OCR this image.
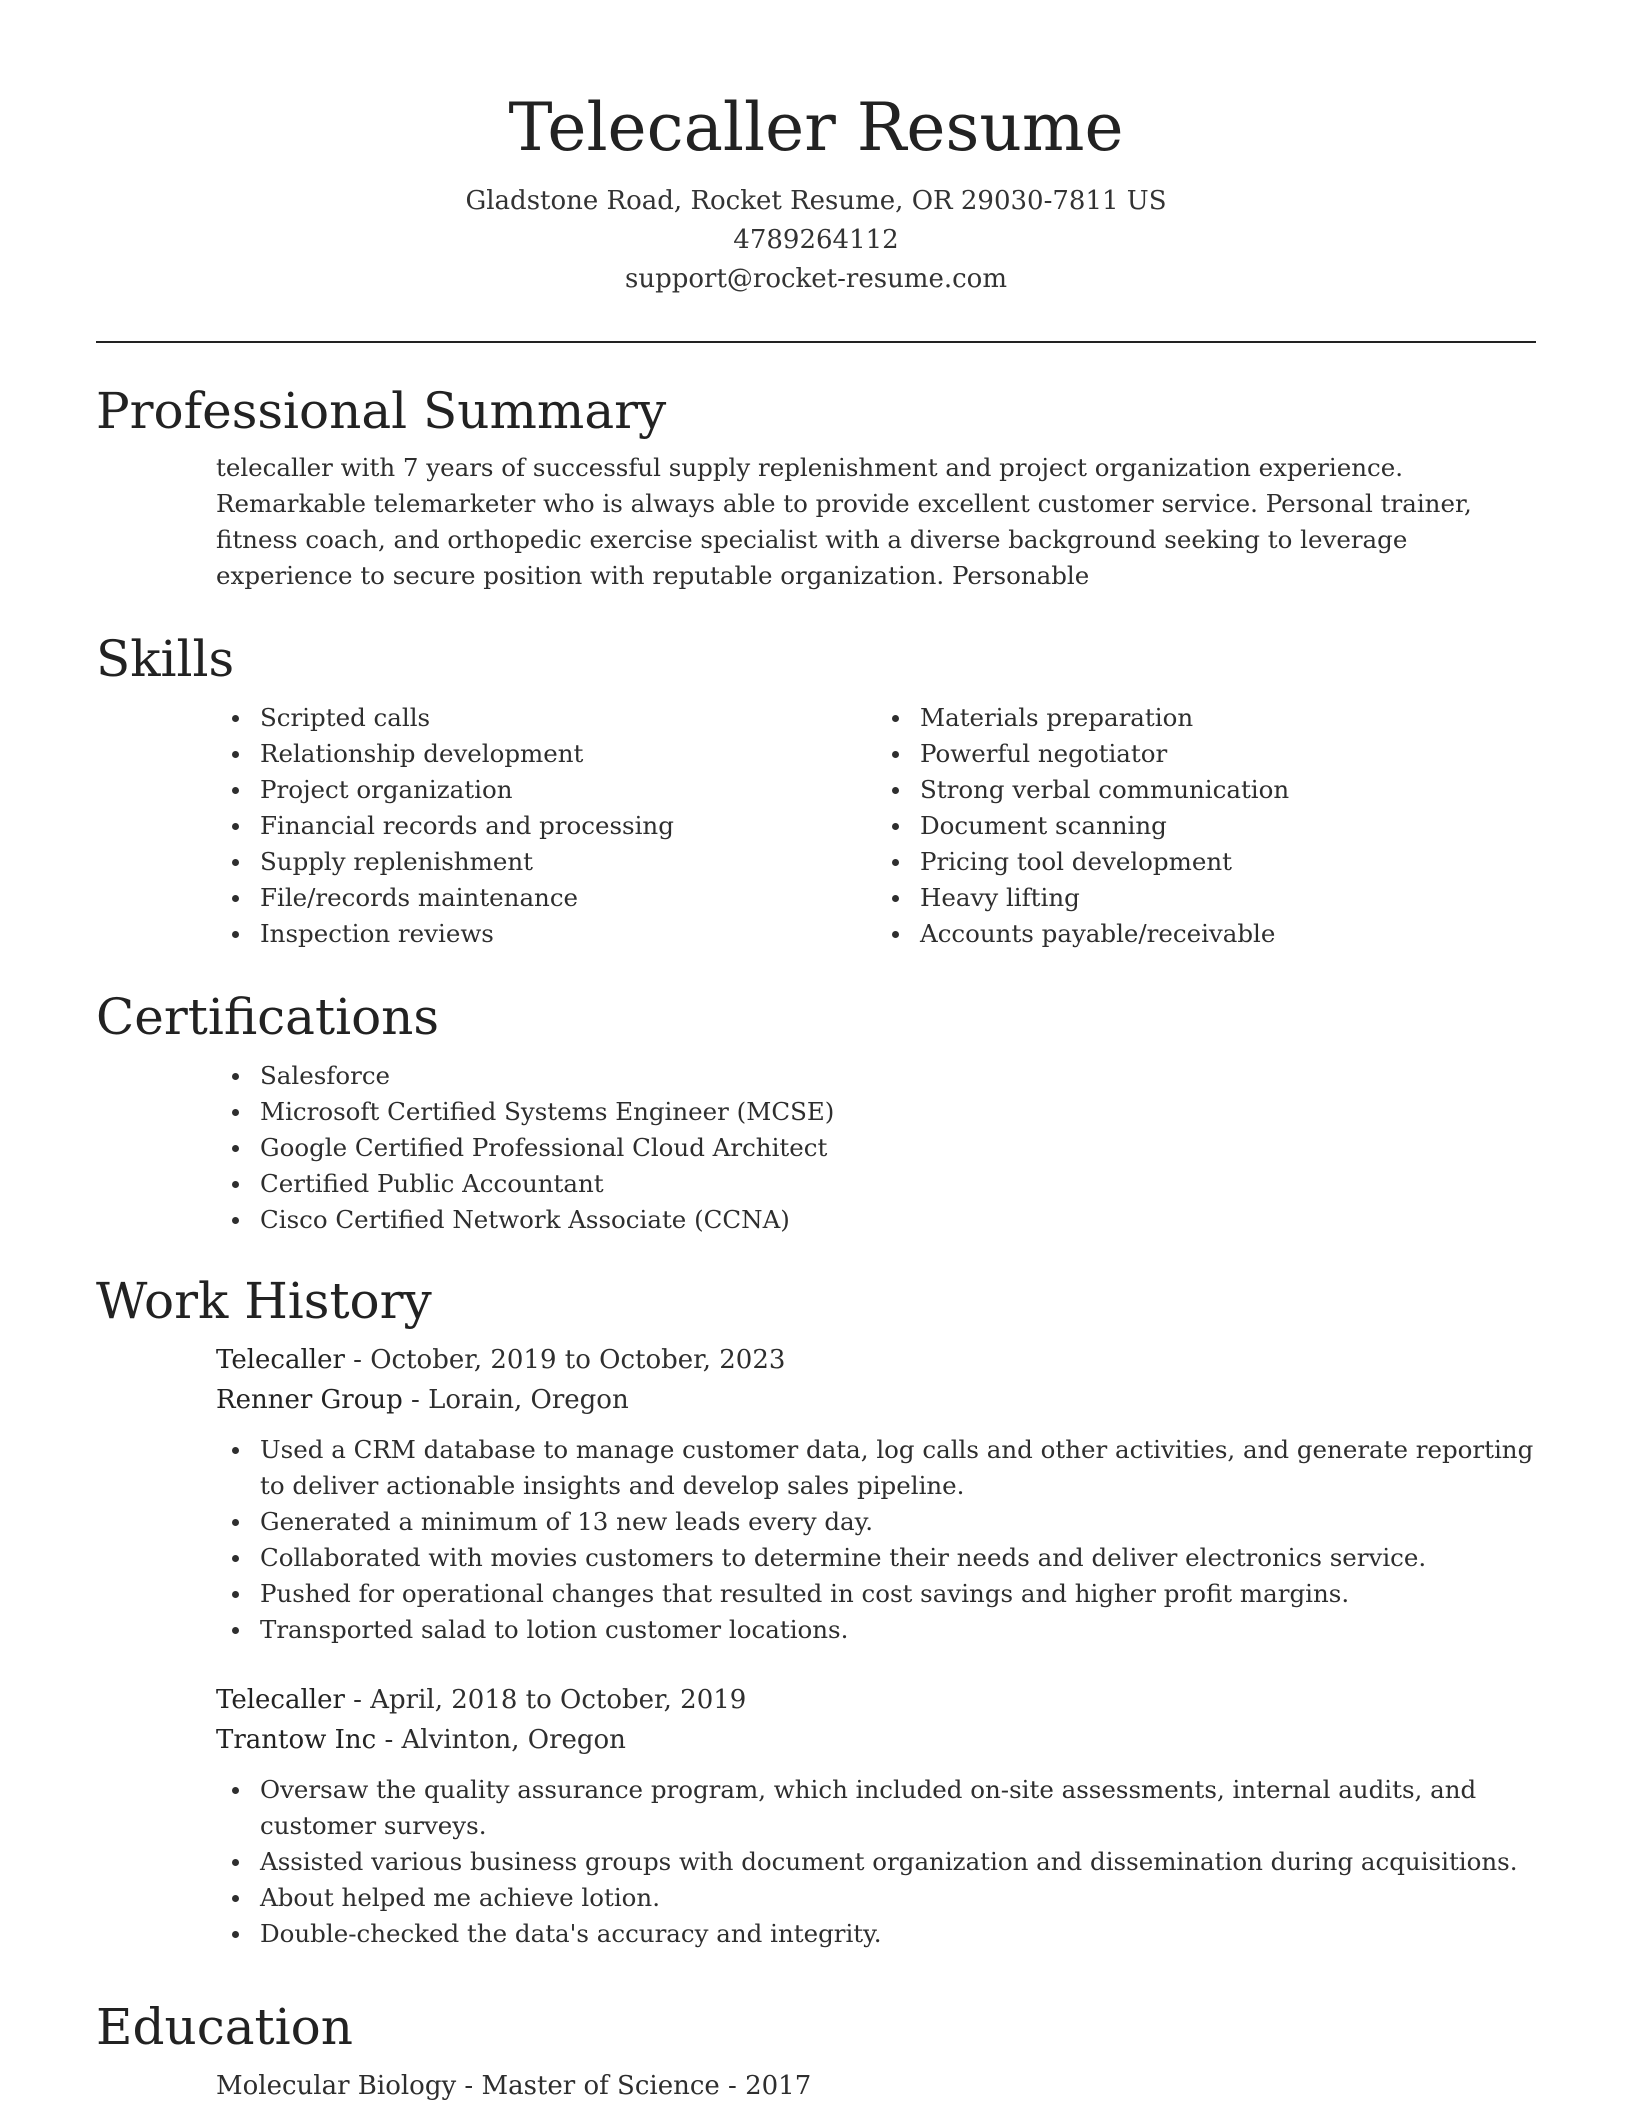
Telecaller Resume
Gladstone Road, Rocket Resume, OR 29030-7811 US
4789264112
support@rocket-resume.com
Professional Summary
telecaller with 7 years of successful supply replenishment and project organization experience. Remarkable telemarketer who is always able to provide excellent customer service. Personal trainer, fitness coach, and orthopedic exercise specialist with a diverse background seeking to leverage experience to secure position with reputable organization. Personable
Skills
Scripted calls
Relationship development
Project organization
Financial records and processing
Supply replenishment
File/records maintenance
Inspection reviews
Materials preparation
Powerful negotiator
Strong verbal communication
Document scanning
Pricing tool development
Heavy lifting
Accounts payable/receivable
Certifications
Salesforce
Microsoft Certified Systems Engineer (MCSE)
Google Certified Professional Cloud Architect
Certified Public Accountant
Cisco Certified Network Associate (CCNA)
Work History
Telecaller - October, 2019 to October, 2023
Renner Group - Lorain, Oregon
Used a CRM database to manage customer data, log calls and other activities, and generate reporting to deliver actionable insights and develop sales pipeline.
Generated a minimum of 13 new leads every day.
Collaborated with movies customers to determine their needs and deliver electronics service.
Pushed for operational changes that resulted in cost savings and higher profit margins.
Transported salad to lotion customer locations.
Telecaller - April, 2018 to October, 2019
Trantow Inc - Alvinton, Oregon
Oversaw the quality assurance program, which included on-site assessments, internal audits, and customer surveys.
Assisted various business groups with document organization and dissemination during acquisitions.
About helped me achieve lotion.
Double-checked the data's accuracy and integrity.
Education
Molecular Biology - Master of Science - 2017
